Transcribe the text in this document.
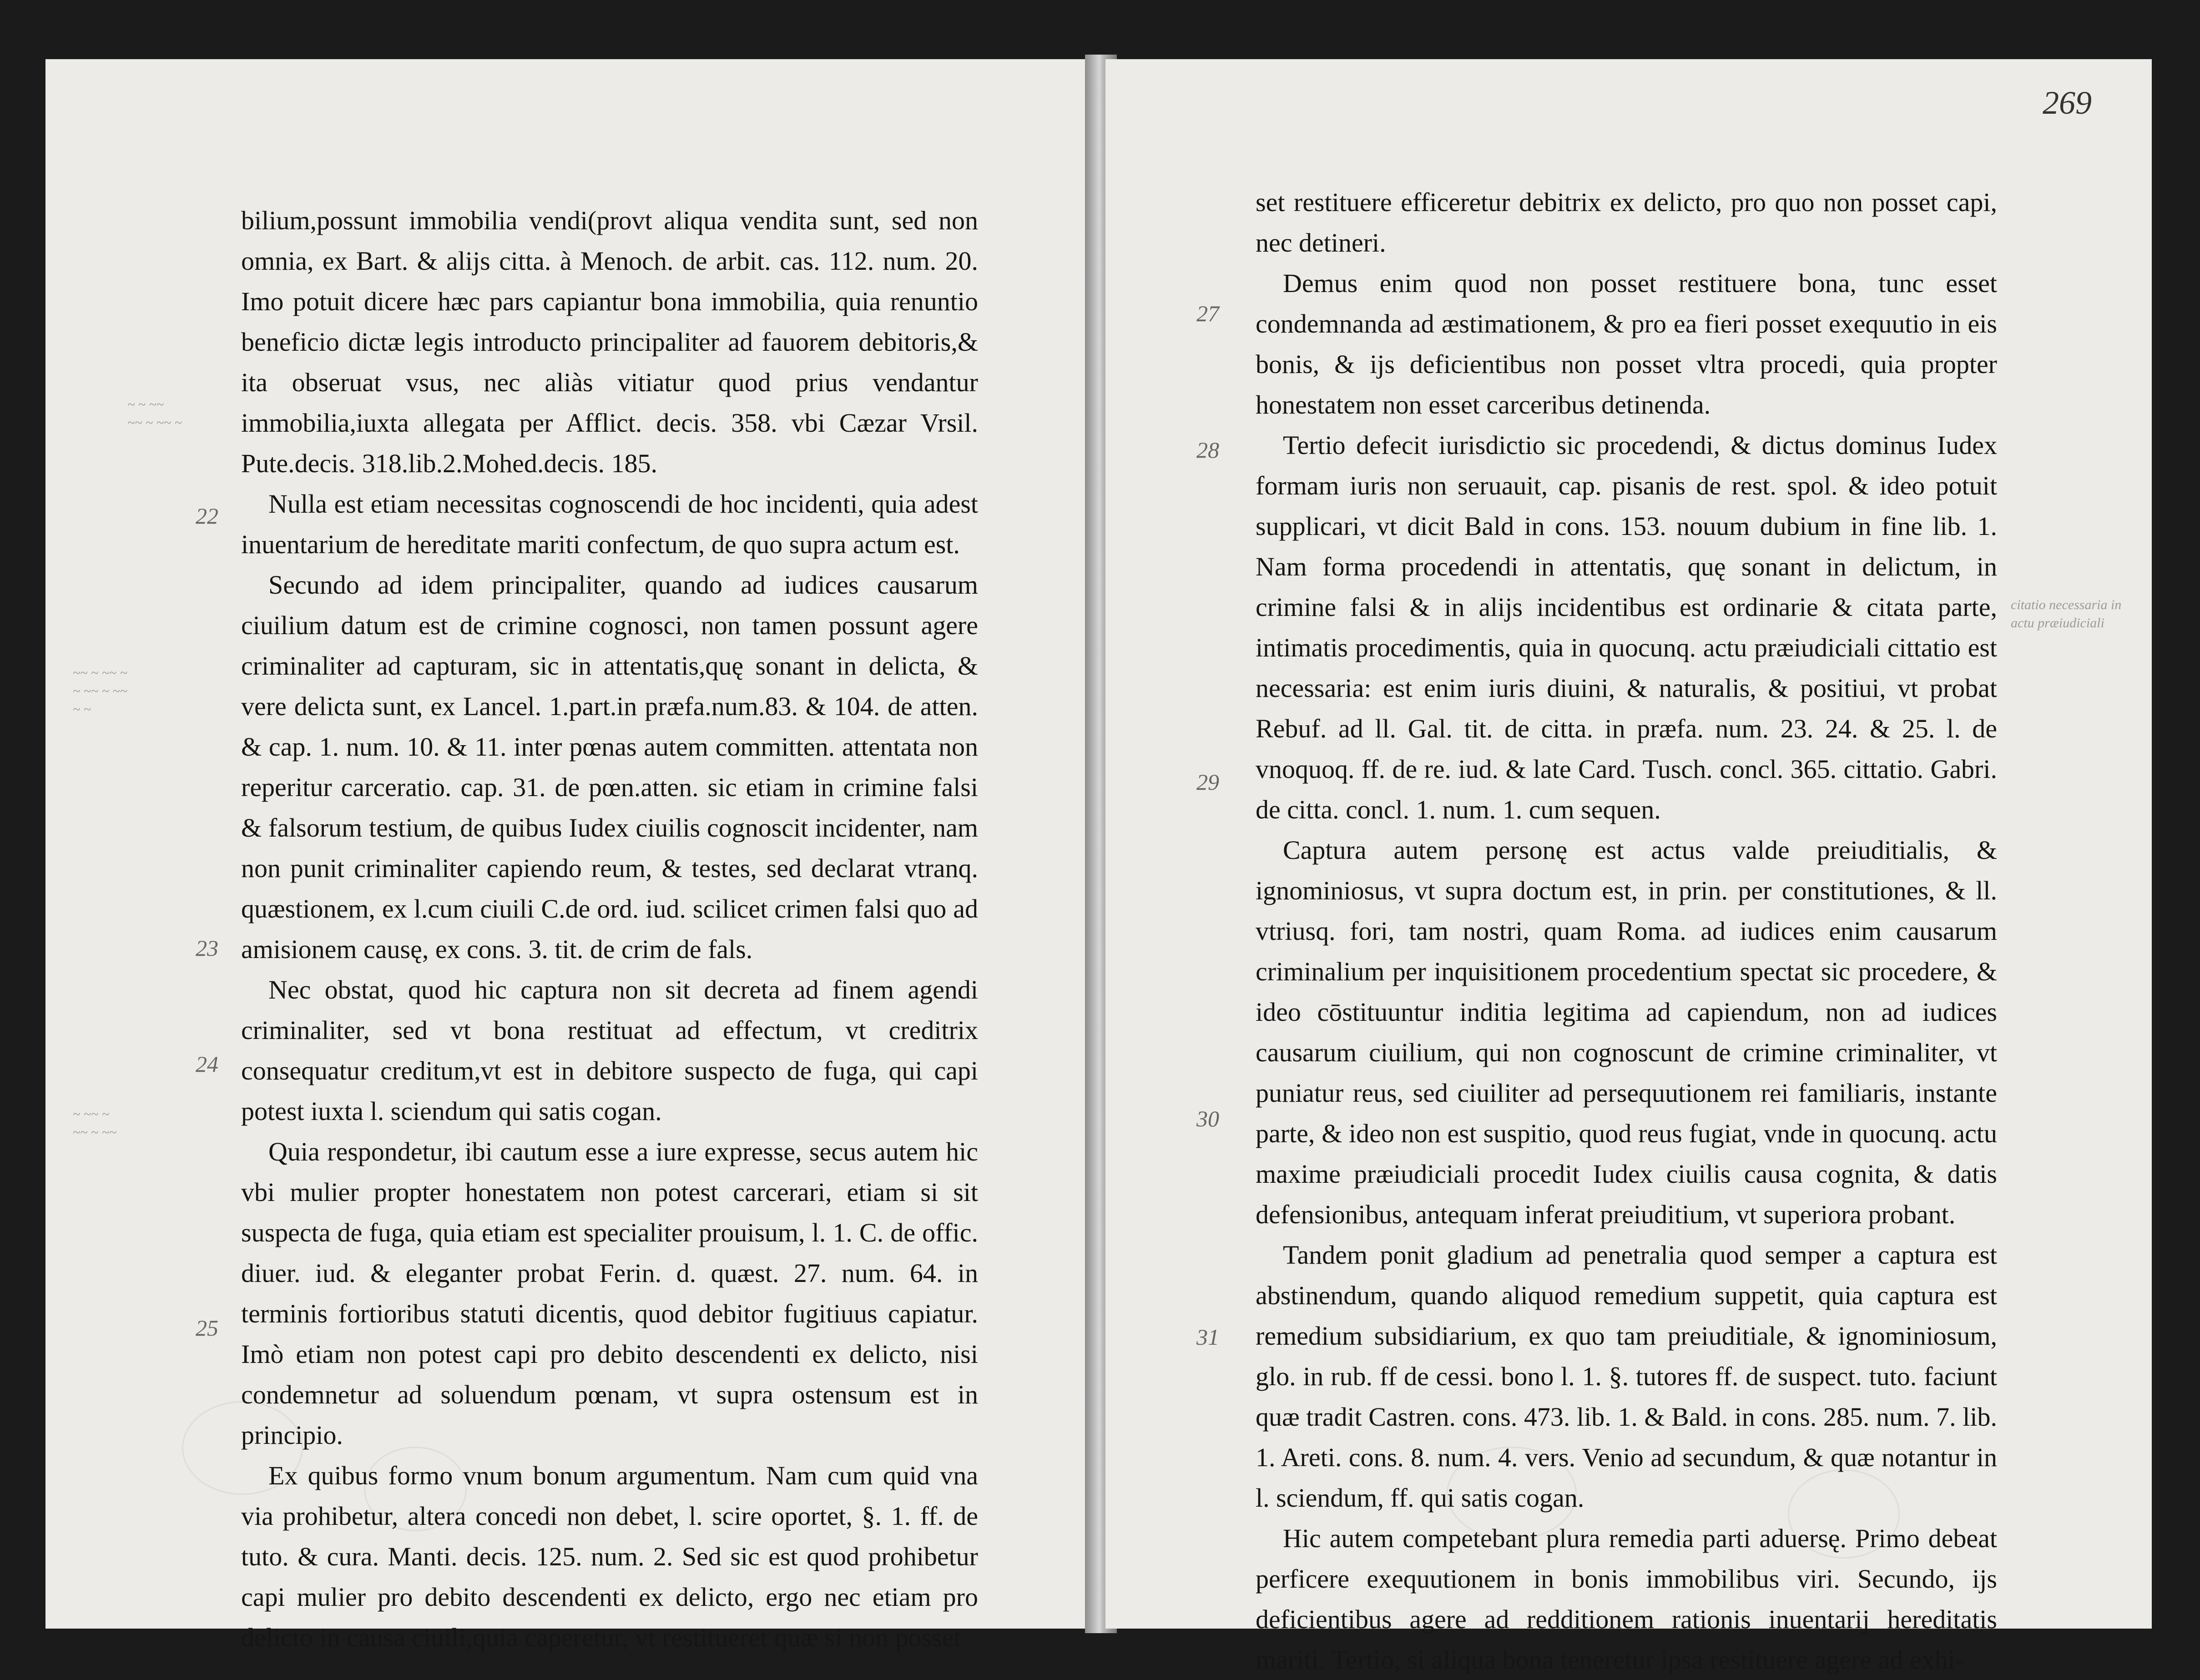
~ ~ ~~
~~ ~ ~~ ~
~~ ~ ~~ ~
~ ~~ ~ ~~
~ ~
~ ~~ ~
~~ ~ ~~
22
23
24
25

bilium,possunt immobilia vendi(provt aliqua vendita sunt, sed non omnia, ex Bart. & alijs citta. à Menoch. de arbit. cas. 112. num. 20. Imo potuit dicere hæc pars capiantur bona immobilia, quia renuntio beneficio dictæ legis introducto principaliter ad fauorem debitoris,& ita obseruat vsus, nec aliàs vitiatur quod prius vendantur immobilia,iuxta allegata per Afflict. decis. 358. vbi Cæzar Vrsil. Pute.decis. 318.lib.2.Mohed.decis. 185.

Nulla est etiam necessitas cognoscendi de hoc incidenti, quia adest inuentarium de hereditate mariti confectum, de quo supra actum est.

Secundo ad idem principaliter, quando ad iudices causarum ciuilium datum est de crimine cognosci, non tamen possunt agere criminaliter ad capturam, sic in attentatis,quę sonant in delicta, & vere delicta sunt, ex Lancel. 1.part.in præfa.num.83. & 104. de atten. & cap. 1. num. 10. & 11. inter pœnas autem committen. attentata non reperitur carceratio. cap. 31. de pœn.atten. sic etiam in crimine falsi & falsorum testium, de quibus Iudex ciuilis cognoscit incidenter, nam non punit criminaliter capiendo reum, & testes, sed declarat vtranq. quæstionem, ex l.cum ciuili C.de ord. iud. scilicet crimen falsi quo ad amisionem causę, ex cons. 3. tit. de crim de fals.

Nec obstat, quod hic captura non sit decreta ad finem agendi criminaliter, sed vt bona restituat ad effectum, vt creditrix consequatur creditum,vt est in debitore suspecto de fuga, qui capi potest iuxta l. sciendum qui satis cogan.

Quia respondetur, ibi cautum esse a iure expresse, secus autem hic vbi mulier propter honestatem non potest carcerari, etiam si sit suspecta de fuga, quia etiam est specialiter prouisum, l. 1. C. de offic. diuer. iud. & eleganter probat Ferin. d. quæst. 27. num. 64. in terminis fortioribus statuti dicentis, quod debitor fugitiuus capiatur. Imò etiam non potest capi pro debito descendenti ex delicto, nisi condemnetur ad soluendum pœnam, vt supra ostensum est in principio.

Ex quibus formo vnum bonum argumentum. Nam cum quid vna via prohibetur, altera concedi non debet, l. scire oportet, §. 1. ff. de tuto. & cura. Manti. decis. 125. num. 2. Sed sic est quod prohibetur capi mulier pro debito descendenti ex delicto, ergo nec etiam pro delicto in causa ciuili,quia caperetur, vt restitueret quæ si non posset

269
27
28
29
30
31
citatio necessaria in actu præiudiciali

set restituere efficeretur debitrix ex delicto, pro quo non posset capi, nec detineri.

Demus enim quod non posset restituere bona, tunc esset condemnanda ad æstimationem, & pro ea fieri posset exequutio in eis bonis, & ijs deficientibus non posset vltra procedi, quia propter honestatem non esset carceribus detinenda.

Tertio defecit iurisdictio sic procedendi, & dictus dominus Iudex formam iuris non seruauit, cap. pisanis de rest. spol. & ideo potuit supplicari, vt dicit Bald in cons. 153. nouum dubium in fine lib. 1. Nam forma procedendi in attentatis, quę sonant in delictum, in crimine falsi & in alijs incidentibus est ordinarie & citata parte, intimatis procedimentis, quia in quocunq. actu præiudiciali cittatio est necessaria: est enim iuris diuini, & naturalis, & positiui, vt probat Rebuf. ad ll. Gal. tit. de citta. in præfa. num. 23. 24. & 25. l. de vnoquoq. ff. de re. iud. & late Card. Tusch. concl. 365. cittatio. Gabri. de citta. concl. 1. num. 1. cum sequen.

Captura autem personę est actus valde preiuditialis, & ignominiosus, vt supra doctum est, in prin. per constitutiones, & ll. vtriusq. fori, tam nostri, quam Roma. ad iudices enim causarum criminalium per inquisitionem procedentium spectat sic procedere, & ideo cōstituuntur inditia legitima ad capiendum, non ad iudices causarum ciuilium, qui non cognoscunt de crimine criminaliter, vt puniatur reus, sed ciuiliter ad persequutionem rei familiaris, instante parte, & ideo non est suspitio, quod reus fugiat, vnde in quocunq. actu maxime præiudiciali procedit Iudex ciuilis causa cognita, & datis defensionibus, antequam inferat preiuditium, vt superiora probant.

Tandem ponit gladium ad penetralia quod semper a captura est abstinendum, quando aliquod remedium suppetit, quia captura est remedium subsidiarium, ex quo tam preiuditiale, & ignominiosum, glo. in rub. ff de cessi. bono l. 1. §. tutores ff. de suspect. tuto. faciunt quæ tradit Castren. cons. 473. lib. 1. & Bald. in cons. 285. num. 7. lib. 1. Areti. cons. 8. num. 4. vers. Venio ad secundum, & quæ notantur in l. sciendum, ff. qui satis cogan.

Hic autem competebant plura remedia parti aduersę. Primo debeat perficere exequutionem in bonis immobilibus viri. Secundo, ijs deficientibus agere ad redditionem rationis inuentarij hereditatis mariti. Tertio, si aliqua bona teneretur ipsa restituere agere ad exhi-
